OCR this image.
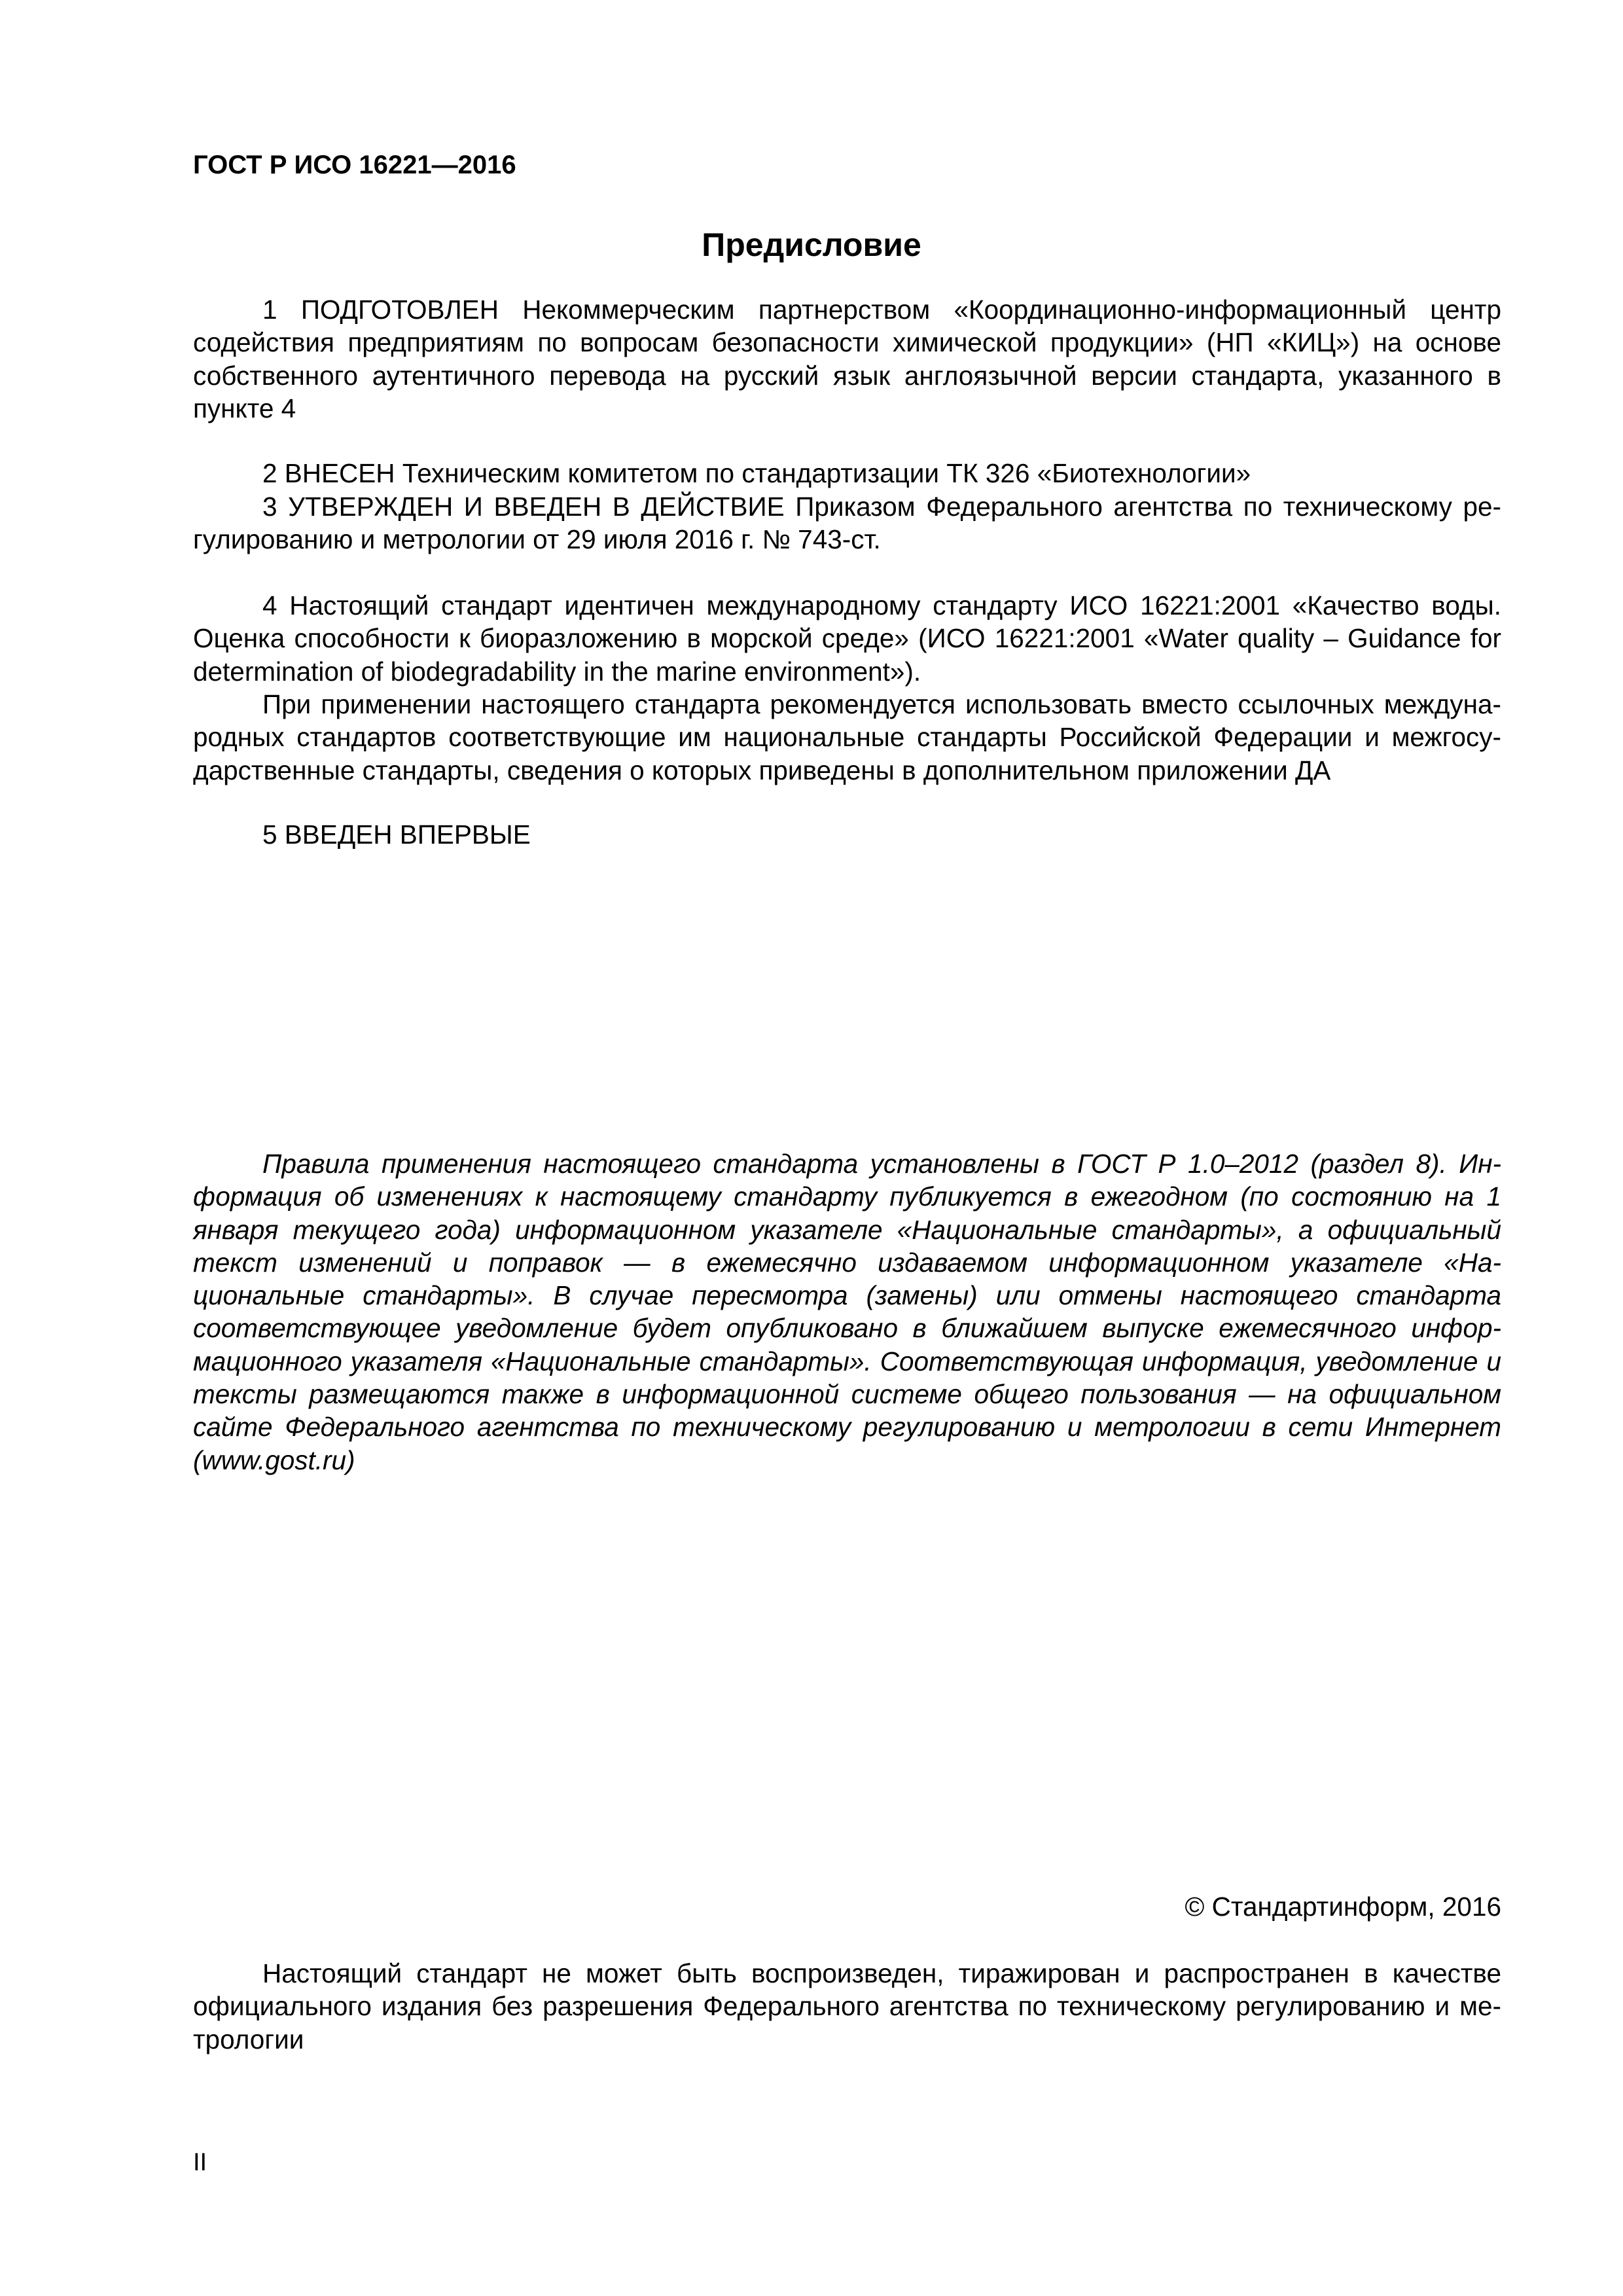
ГОСТ Р ИСО 16221—2016
Предисловие

1 ПОДГОТОВЛЕН Некоммерческим партнерством «Координационно-информационный центр содействия предприятиям по вопросам безопасности химической продукции» (НП «КИЦ») на основе собственного аутентичного перевода на русский язык англоязычной версии стандарта, указанного в пункте 4

2 ВНЕСЕН Техническим комитетом по стандартизации ТК 326 «Биотехнологии»

3 УТВЕРЖДЕН И ВВЕДЕН В ДЕЙСТВИЕ Приказом Федерального агентства по техническому регулированию и метрологии от 29 июля 2016 г. № 743-ст.

4 Настоящий стандарт идентичен международному стандарту ИСО 16221:2001 «Качество воды. Оценка способности к биоразложению в морской среде» (ИСО 16221:2001 «Water quality – Guidance for determination of biodegradability in the marine environment»).

При применении настоящего стандарта рекомендуется использовать вместо ссылочных международных стандартов соответствующие им национальные стандарты Российской Федерации и межгосударственные стандарты, сведения о которых приведены в дополнительном приложении ДА

5 ВВЕДЕН ВПЕРВЫЕ

Правила применения настоящего стандарта установлены в ГОСТ Р 1.0–2012 (раздел 8). Информация об изменениях к настоящему стандарту публикуется в ежегодном (по состоянию на 1 января текущего года) информационном указателе «Национальные стандарты», а официальный текст изменений и поправок — в ежемесячно издаваемом информационном указателе «Национальные стандарты». В случае пересмотра (замены) или отмены настоящего стандарта соответствующее уведомление будет опубликовано в ближайшем выпуске ежемесячного информационного указателя «Национальные стандарты». Соответствующая информация, уведомление и тексты размещаются также в информационной системе общего пользования — на официальном сайте Федерального агентства по техническому регулированию и метрологии в сети Интернет (www.gost.ru)

© Стандартинформ, 2016

Настоящий стандарт не может быть воспроизведен, тиражирован и распространен в качестве официального издания без разрешения Федерального агентства по техническому регулированию и метрологии

II
